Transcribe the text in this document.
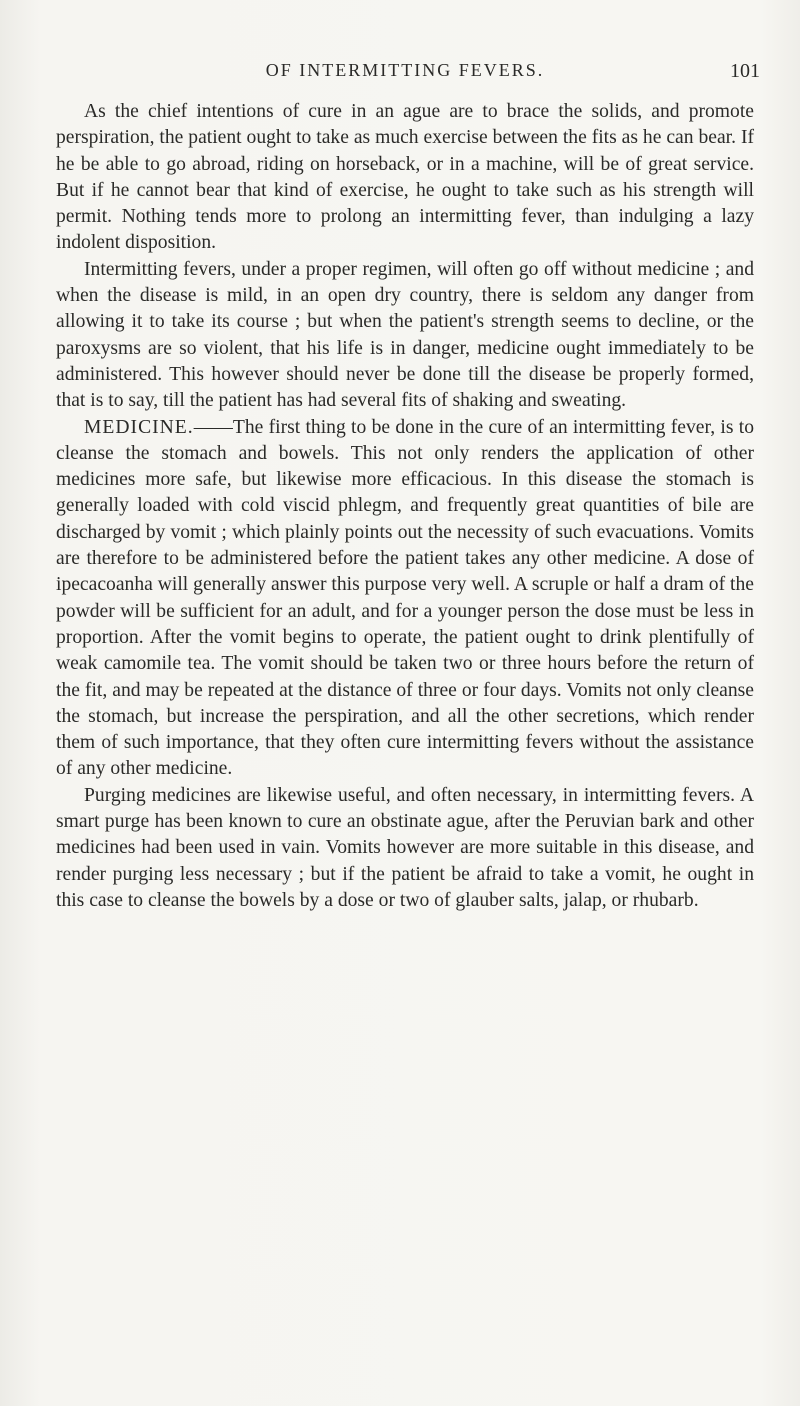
OF INTERMITTING FEVERS.	101

As the chief intentions of cure in an ague are to brace the solids, and promote perspiration, the patient ought to take as much exercise between the fits as he can bear. If he be able to go abroad, riding on horseback, or in a machine, will be of great service. But if he cannot bear that kind of exercise, he ought to take such as his strength will permit. Nothing tends more to prolong an intermitting fever, than indulging a lazy indolent disposition.

Intermitting fevers, under a proper regimen, will often go off without medicine ; and when the disease is mild, in an open dry country, there is seldom any danger from allowing it to take its course ; but when the patient's strength seems to decline, or the paroxysms are so violent, that his life is in danger, medicine ought immediately to be administered. This however should never be done till the disease be properly formed, that is to say, till the patient has had several fits of shaking and sweating.

MEDICINE.——The first thing to be done in the cure of an intermitting fever, is to cleanse the stomach and bowels. This not only renders the application of other medicines more safe, but likewise more efficacious. In this disease the stomach is generally loaded with cold viscid phlegm, and frequently great quantities of bile are discharged by vomit ; which plainly points out the necessity of such evacuations. Vomits are therefore to be administered before the patient takes any other medicine. A dose of ipecacoanha will generally answer this purpose very well. A scruple or half a dram of the powder will be sufficient for an adult, and for a younger person the dose must be less in proportion. After the vomit begins to operate, the patient ought to drink plentifully of weak camomile tea. The vomit should be taken two or three hours before the return of the fit, and may be repeated at the distance of three or four days. Vomits not only cleanse the stomach, but increase the perspiration, and all the other secretions, which render them of such importance, that they often cure intermitting fevers without the assistance of any other medicine.

Purging medicines are likewise useful, and often necessary, in intermitting fevers. A smart purge has been known to cure an obstinate ague, after the Peruvian bark and other medicines had been used in vain. Vomits however are more suitable in this disease, and render purging less necessary ; but if the patient be afraid to take a vomit, he ought in this case to cleanse the bowels by a dose or two of glauber salts, jalap, or rhubarb.
